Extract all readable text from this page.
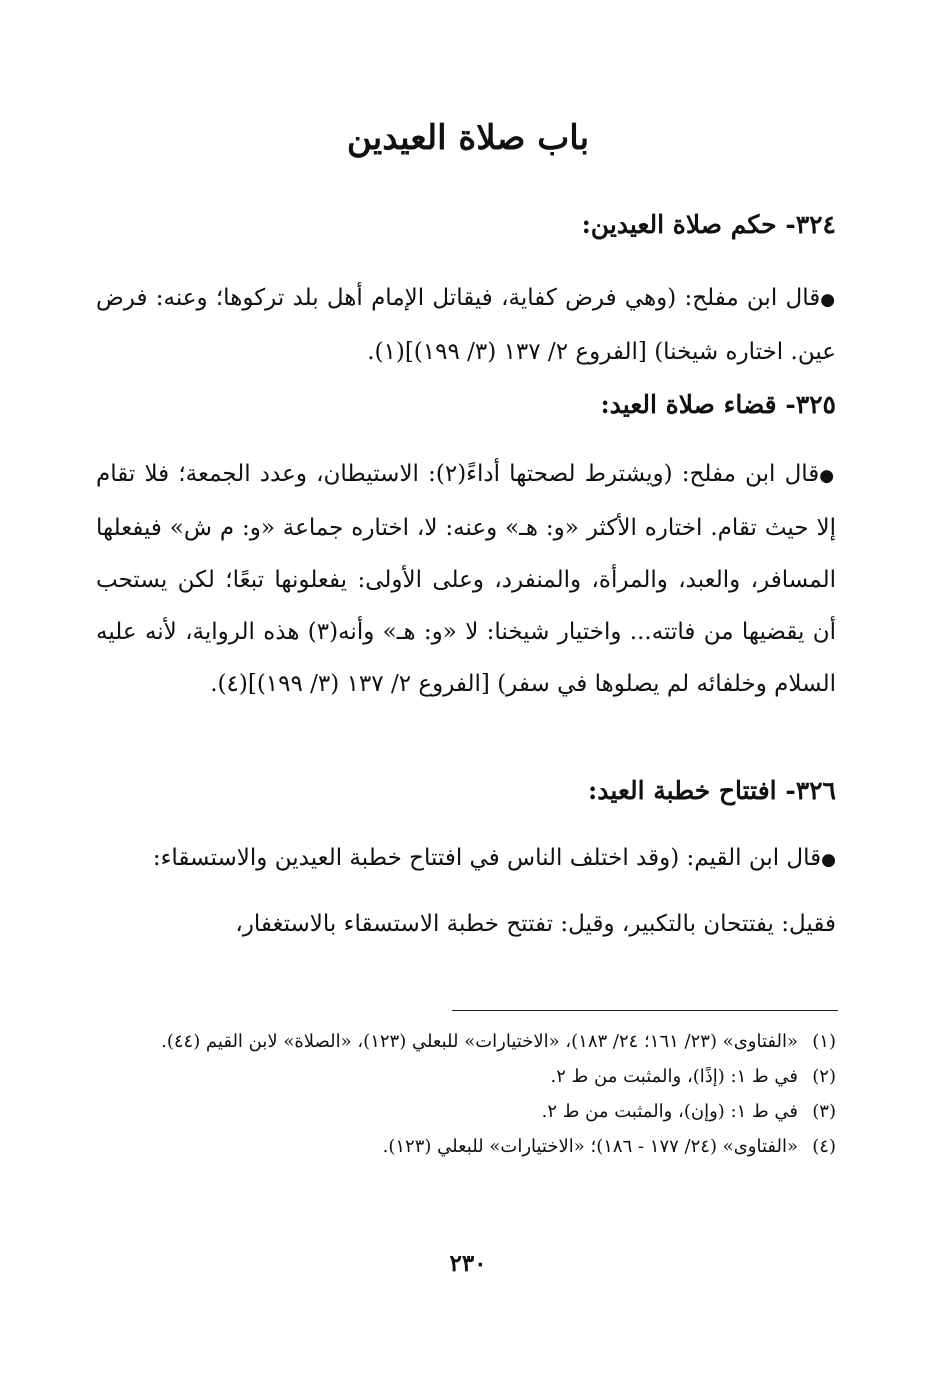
باب صلاة العيدين
٣٢٤- حكم صلاة العيدين:

●قال ابن مفلح: (وهي فرض كفاية، فيقاتل الإمام أهل بلد تركوها؛ وعنه: فرض عين. اختاره شيخنا) [الفروع ٢/ ١٣٧ (٣/ ١٩٩)](١).

٣٢٥- قضاء صلاة العيد:

●قال ابن مفلح: (ويشترط لصحتها أداءً(٢): الاستيطان، وعدد الجمعة؛ فلا تقام إلا حيث تقام. اختاره الأكثر «و: هـ» وعنه: لا، اختاره جماعة «و: م ش» فيفعلها المسافر، والعبد، والمرأة، والمنفرد، وعلى الأولى: يفعلونها تبعًا؛ لكن يستحب أن يقضيها من فاتته... واختيار شيخنا: لا «و: هـ» وأنه(٣) هذه الرواية، لأنه عليه السلام وخلفائه لم يصلوها في سفر) [الفروع ٢/ ١٣٧ (٣/ ١٩٩)](٤).

٣٢٦- افتتاح خطبة العيد:

●قال ابن القيم: (وقد اختلف الناس في افتتاح خطبة العيدين والاستسقاء:

فقيل: يفتتحان بالتكبير، وقيل: تفتتح خطبة الاستسقاء بالاستغفار،

(١)
«الفتاوى» (٢٣/ ١٦١؛ ٢٤/ ١٨٣)، «الاختيارات» للبعلي (١٢٣)، «الصلاة» لابن القيم (٤٤).
(٢)
في ط ١: (إذًا)، والمثبت من ط ٢.
(٣)
في ط ١: (وإن)، والمثبت من ط ٢.
(٤)
«الفتاوى» (٢٤/ ١٧٧ - ١٨٦)؛ «الاختيارات» للبعلي (١٢٣).
٢٣٠
